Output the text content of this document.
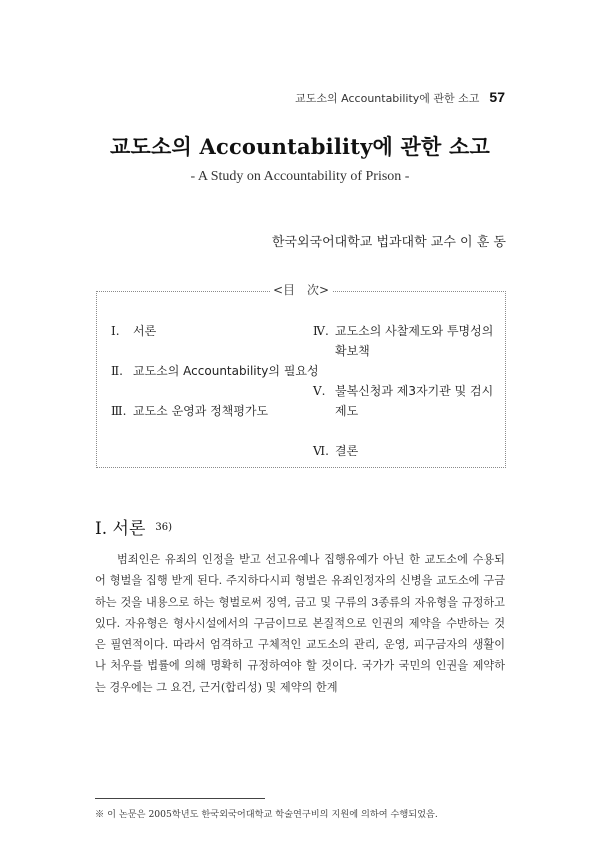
교도소의 Accountability에 관한 소고 57
교도소의 Accountability에 관한 소고
- A Study on Accountability of Prison -
한국외국어대학교 법과대학 교수 이 훈 동
<目　次>
Ⅰ. 서론
Ⅱ. 교도소의 Accountability의 필요성
Ⅲ. 교도소 운영과 정책평가도
Ⅳ. 교도소의 사찰제도와 투명성의
확보책
Ⅴ. 불복신청과 제3자기관 및 검시
제도
Ⅵ. 결론
Ⅰ. 서론 $^{36)}$

범죄인은 유죄의 인정을 받고 선고유예나 집행유예가 아닌 한 교도소에 수용되어 형벌을 집행 받게 된다. 주지하다시피 형벌은 유죄인정자의 신병을 교도소에 구금하는 것을 내용으로 하는 형벌로써 징역, 금고 및 구류의 3종류의 자유형을 규정하고 있다. 자유형은 형사시설에서의 구금이므로 본질적으로 인권의 제약을 수반하는 것은 필연적이다. 따라서 엄격하고 구체적인 교도소의 관리, 운영, 피구금자의 생활이나 처우를 법률에 의해 명확히 규정하여야 할 것이다. 국가가 국민의 인권을 제약하는 경우에는 그 요건, 근거(합리성) 및 제약의 한계

※ 이 논문은 2005학년도 한국외국어대학교 학술연구비의 지원에 의하여 수행되었음.
